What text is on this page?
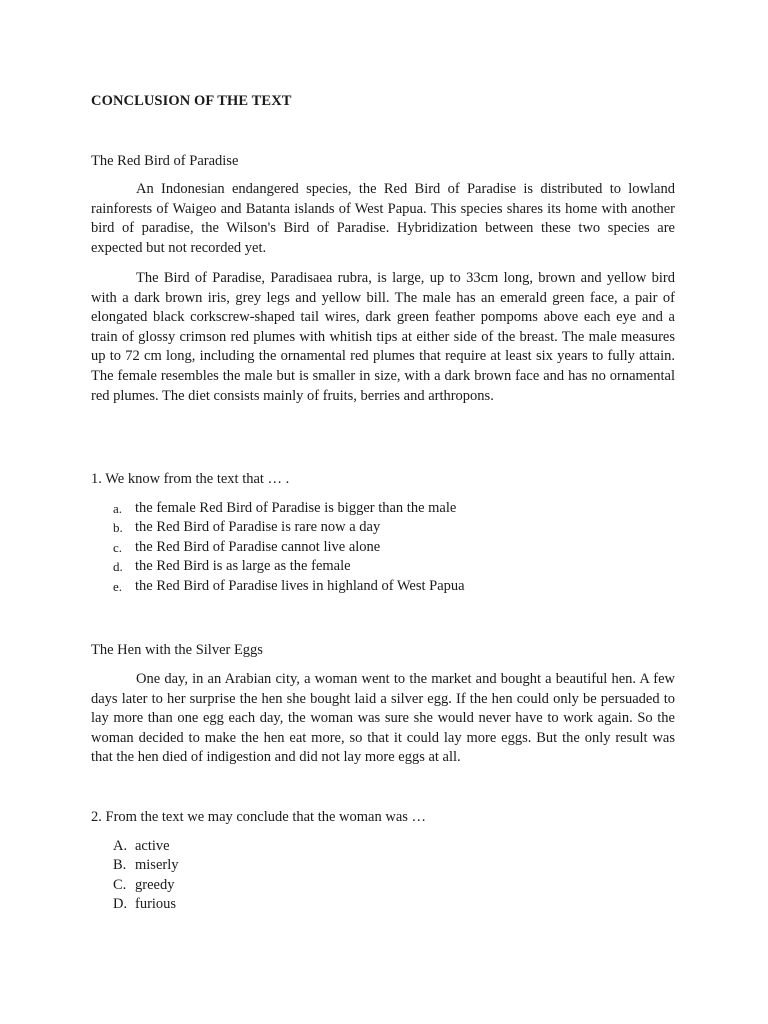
CONCLUSION OF THE TEXT
The Red Bird of Paradise

An Indonesian endangered species, the Red Bird of Paradise is distributed to lowland rainforests of Waigeo and Batanta islands of West Papua. This species shares its home with another bird of paradise, the Wilson's Bird of Paradise. Hybridization between these two species are expected but not recorded yet.

The Bird of Paradise, Paradisaea rubra, is large, up to 33cm long, brown and yellow bird with a dark brown iris, grey legs and yellow bill. The male has an emerald green face, a pair of elongated black corkscrew-shaped tail wires, dark green feather pompoms above each eye and a train of glossy crimson red plumes with whitish tips at either side of the breast. The male measures up to 72 cm long, including the ornamental red plumes that require at least six years to fully attain. The female resembles the male but is smaller in size, with a dark brown face and has no ornamental red plumes. The diet consists mainly of fruits, berries and arthropons.

1. We know from the text that … .
a. the female Red Bird of Paradise is bigger than the male
b. the Red Bird of Paradise is rare now a day
c. the Red Bird of Paradise cannot live alone
d. the Red Bird is as large as the female
e. the Red Bird of Paradise lives in highland of West Papua
The Hen with the Silver Eggs

One day, in an Arabian city, a woman went to the market and bought a beautiful hen. A few days later to her surprise the hen she bought laid a silver egg. If the hen could only be persuaded to lay more than one egg each day, the woman was sure she would never have to work again. So the woman decided to make the hen eat more, so that it could lay more eggs. But the only result was that the hen died of indigestion and did not lay more eggs at all.

2. From the text we may conclude that the woman was …
A. active
B. miserly
C. greedy
D. furious
